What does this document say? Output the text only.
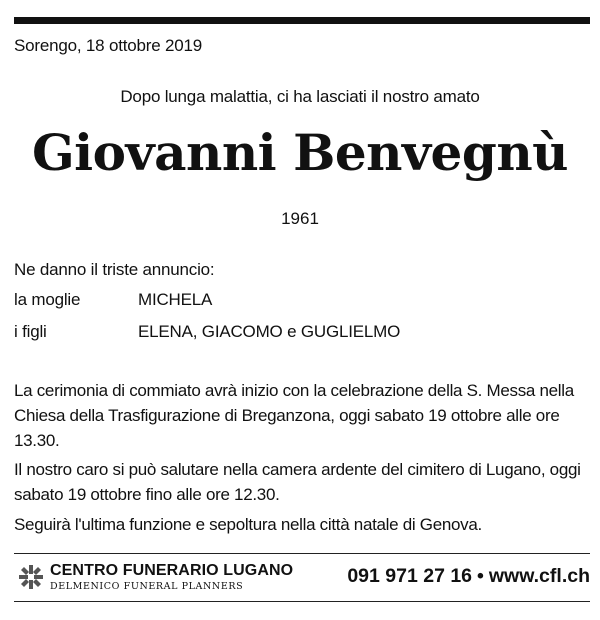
Sorengo, 18 ottobre 2019
Dopo lunga malattia, ci ha lasciati il nostro amato
Giovanni Benvegnù
1961
Ne danno il triste annuncio:
la moglie	MICHELA
i figli	ELENA, GIACOMO e GUGLIELMO

La cerimonia di commiato avrà inizio con la celebrazione della S. Messa nella Chiesa della Trasfigurazione di Breganzona, oggi sabato 19 ottobre alle ore 13.30.

Il nostro caro si può salutare nella camera ardente del cimitero di Lugano, oggi sabato 19 ottobre fino alle ore 12.30.

Seguirà l'ultima funzione e sepoltura nella città natale di Genova.

CENTRO FUNERARIO LUGANO
DELMENICO FUNERAL PLANNERS	091 971 27 16 • www.cfl.ch
